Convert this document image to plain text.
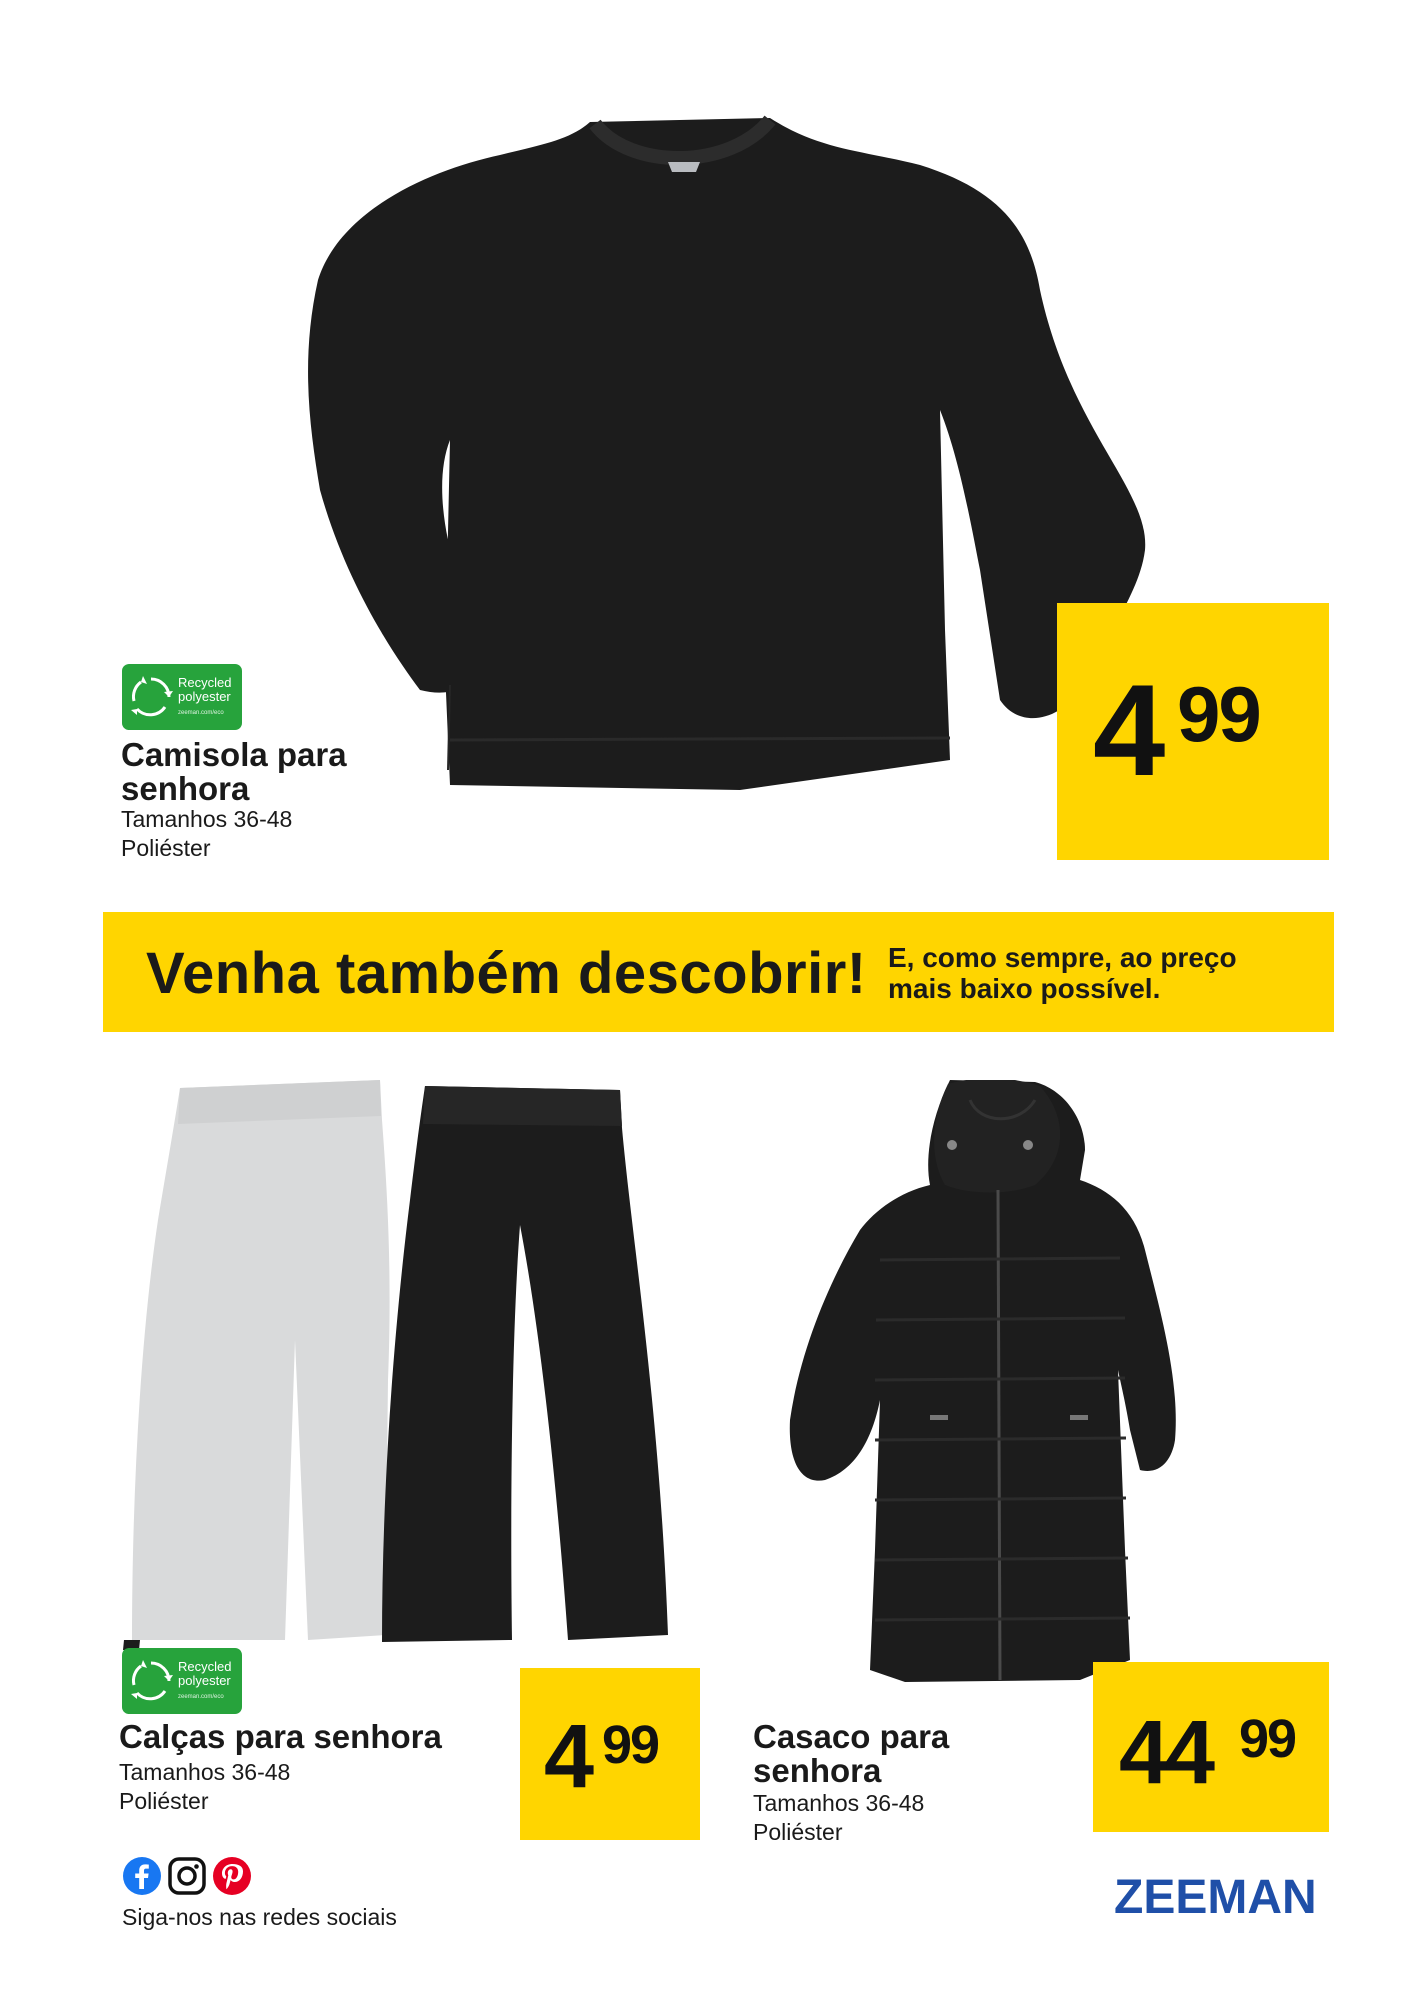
Recycled
polyester
zeeman.com/eco
Camisola para senhora
Tamanhos 36-48
Poliéster
4 99
Venha também descobrir! E, como sempre, ao preço
mais baixo possível.
Recycled
polyester
zeeman.com/eco
Calças para senhora
Tamanhos 36-48
Poliéster	4 99	Casaco para senhora
Tamanhos 36-48
Poliéster
44 99
Siga-nos nas redes sociais	ZEEMAN
